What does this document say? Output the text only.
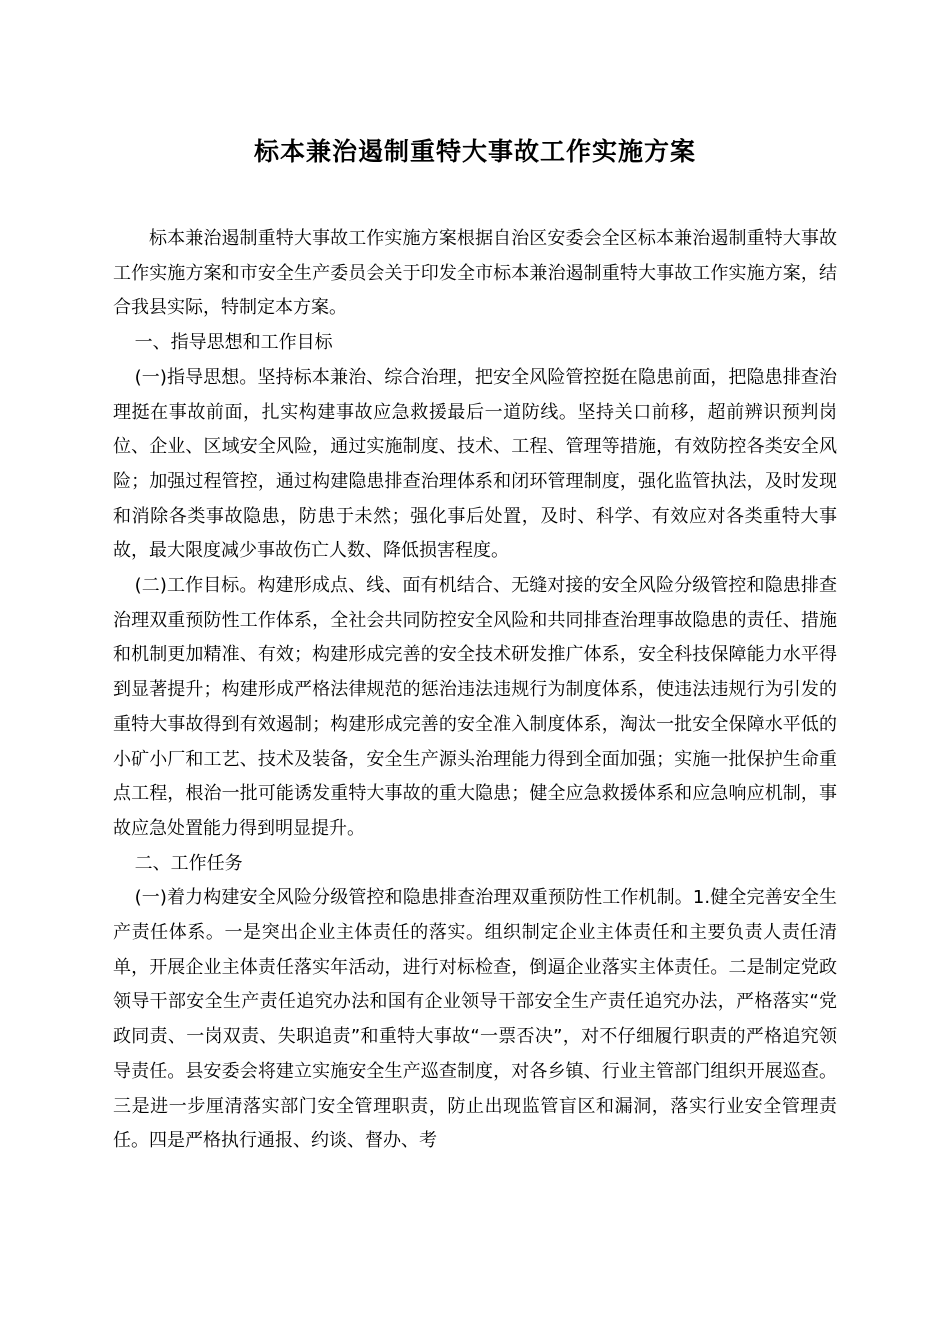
标本兼治遏制重特大事故工作实施方案

标本兼治遏制重特大事故工作实施方案根据自治区安委会全区标本兼治遏制重特大事故工作实施方案和市安全生产委员会关于印发全市标本兼治遏制重特大事故工作实施方案，结合我县实际，特制定本方案。

一、指导思想和工作目标

(一)指导思想。坚持标本兼治、综合治理，把安全风险管控挺在隐患前面，把隐患排查治理挺在事故前面，扎实构建事故应急救援最后一道防线。坚持关口前移，超前辨识预判岗位、企业、区域安全风险，通过实施制度、技术、工程、管理等措施，有效防控各类安全风险；加强过程管控，通过构建隐患排查治理体系和闭环管理制度，强化监管执法，及时发现和消除各类事故隐患，防患于未然；强化事后处置，及时、科学、有效应对各类重特大事故，最大限度减少事故伤亡人数、降低损害程度。

(二)工作目标。构建形成点、线、面有机结合、无缝对接的安全风险分级管控和隐患排查治理双重预防性工作体系，全社会共同防控安全风险和共同排查治理事故隐患的责任、措施和机制更加精准、有效；构建形成完善的安全技术研发推广体系，安全科技保障能力水平得到显著提升；构建形成严格法律规范的惩治违法违规行为制度体系，使违法违规行为引发的重特大事故得到有效遏制；构建形成完善的安全准入制度体系，淘汰一批安全保障水平低的小矿小厂和工艺、技术及装备，安全生产源头治理能力得到全面加强；实施一批保护生命重点工程，根治一批可能诱发重特大事故的重大隐患；健全应急救援体系和应急响应机制，事故应急处置能力得到明显提升。

二、工作任务

(一)着力构建安全风险分级管控和隐患排查治理双重预防性工作机制。1.健全完善安全生产责任体系。一是突出企业主体责任的落实。组织制定企业主体责任和主要负责人责任清单，开展企业主体责任落实年活动，进行对标检查，倒逼企业落实主体责任。二是制定党政领导干部安全生产责任追究办法和国有企业领导干部安全生产责任追究办法，严格落实“党政同责、一岗双责、失职追责”和重特大事故“一票否决”，对不仔细履行职责的严格追究领导责任。县安委会将建立实施安全生产巡查制度，对各乡镇、行业主管部门组织开展巡查。三是进一步厘清落实部门安全管理职责，防止出现监管盲区和漏洞，落实行业安全管理责任。四是严格执行通报、约谈、督办、考
